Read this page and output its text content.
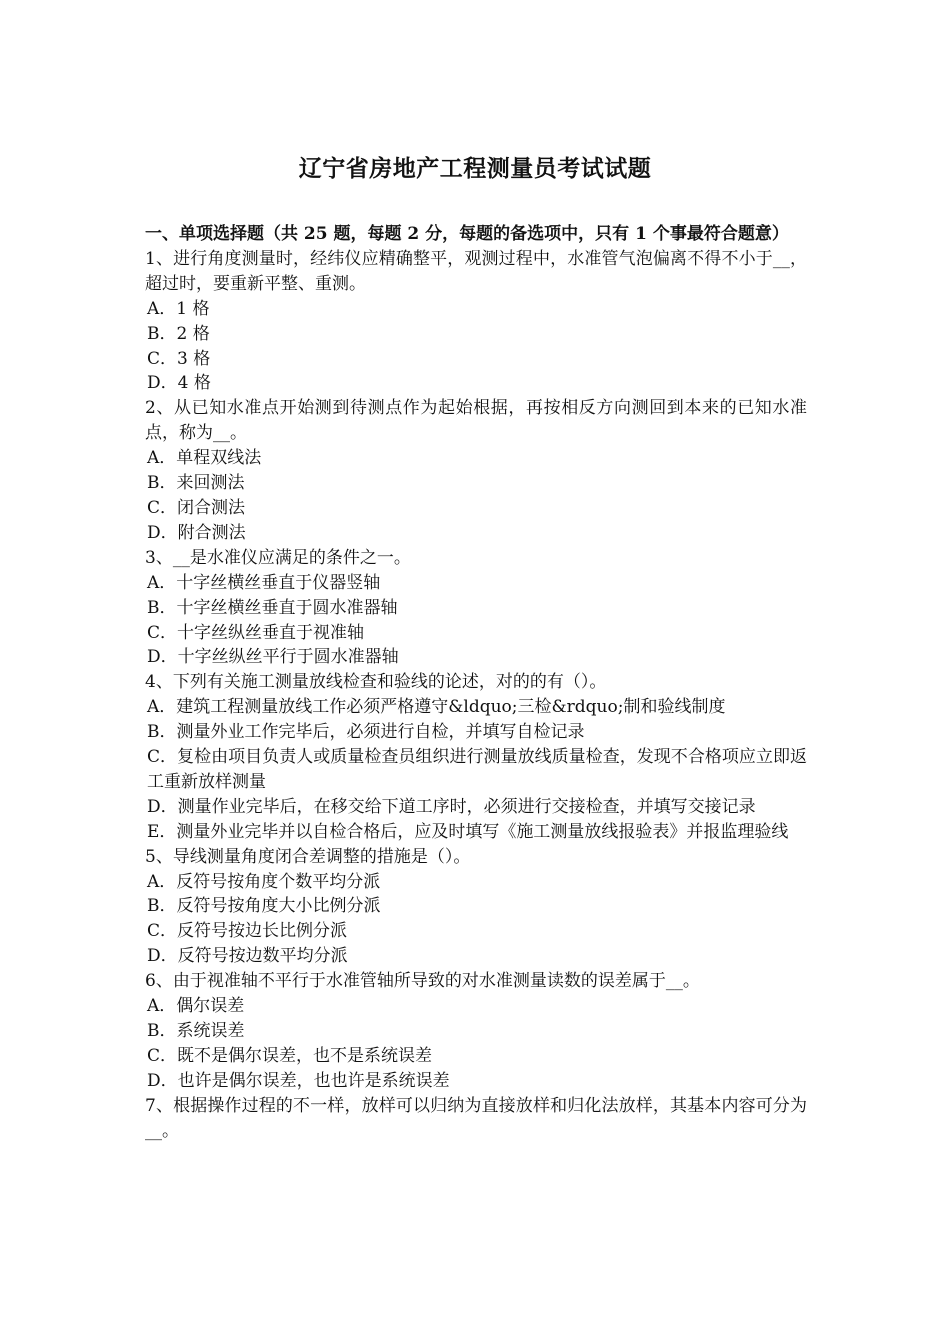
辽宁省房地产工程测量员考试试题

一、单项选择题（共 25 题，每题 2 分，每题的备选项中，只有 1 个事最符合题意）

1、进行角度测量时，经纬仪应精确整平，观测过程中，水准管气泡偏离不得不小于__，超过时，要重新平整、重测。

A．1 格

B．2 格

C．3 格

D．4 格

2、从已知水准点开始测到待测点作为起始根据，再按相反方向测回到本来的已知水准点，称为__。

A．单程双线法

B．来回测法

C．闭合测法

D．附合测法

3、__是水准仪应满足的条件之一。

A．十字丝横丝垂直于仪器竖轴

B．十字丝横丝垂直于圆水准器轴

C．十字丝纵丝垂直于视准轴

D．十字丝纵丝平行于圆水准器轴

4、下列有关施工测量放线检查和验线的论述，对的的有（）。

A．建筑工程测量放线工作必须严格遵守&ldquo;三检&rdquo;制和验线制度

B．测量外业工作完毕后，必须进行自检，并填写自检记录

C．复检由项目负责人或质量检查员组织进行测量放线质量检查，发现不合格项应立即返工重新放样测量

D．测量作业完毕后，在移交给下道工序时，必须进行交接检查，并填写交接记录

E．测量外业完毕并以自检合格后，应及时填写《施工测量放线报验表》并报监理验线

5、导线测量角度闭合差调整的措施是（）。

A．反符号按角度个数平均分派

B．反符号按角度大小比例分派

C．反符号按边长比例分派

D．反符号按边数平均分派

6、由于视准轴不平行于水准管轴所导致的对水准测量读数的误差属于__。

A．偶尔误差

B．系统误差

C．既不是偶尔误差，也不是系统误差

D．也许是偶尔误差，也也许是系统误差

7、根据操作过程的不一样，放样可以归纳为直接放样和归化法放样，其基本内容可分为__。
